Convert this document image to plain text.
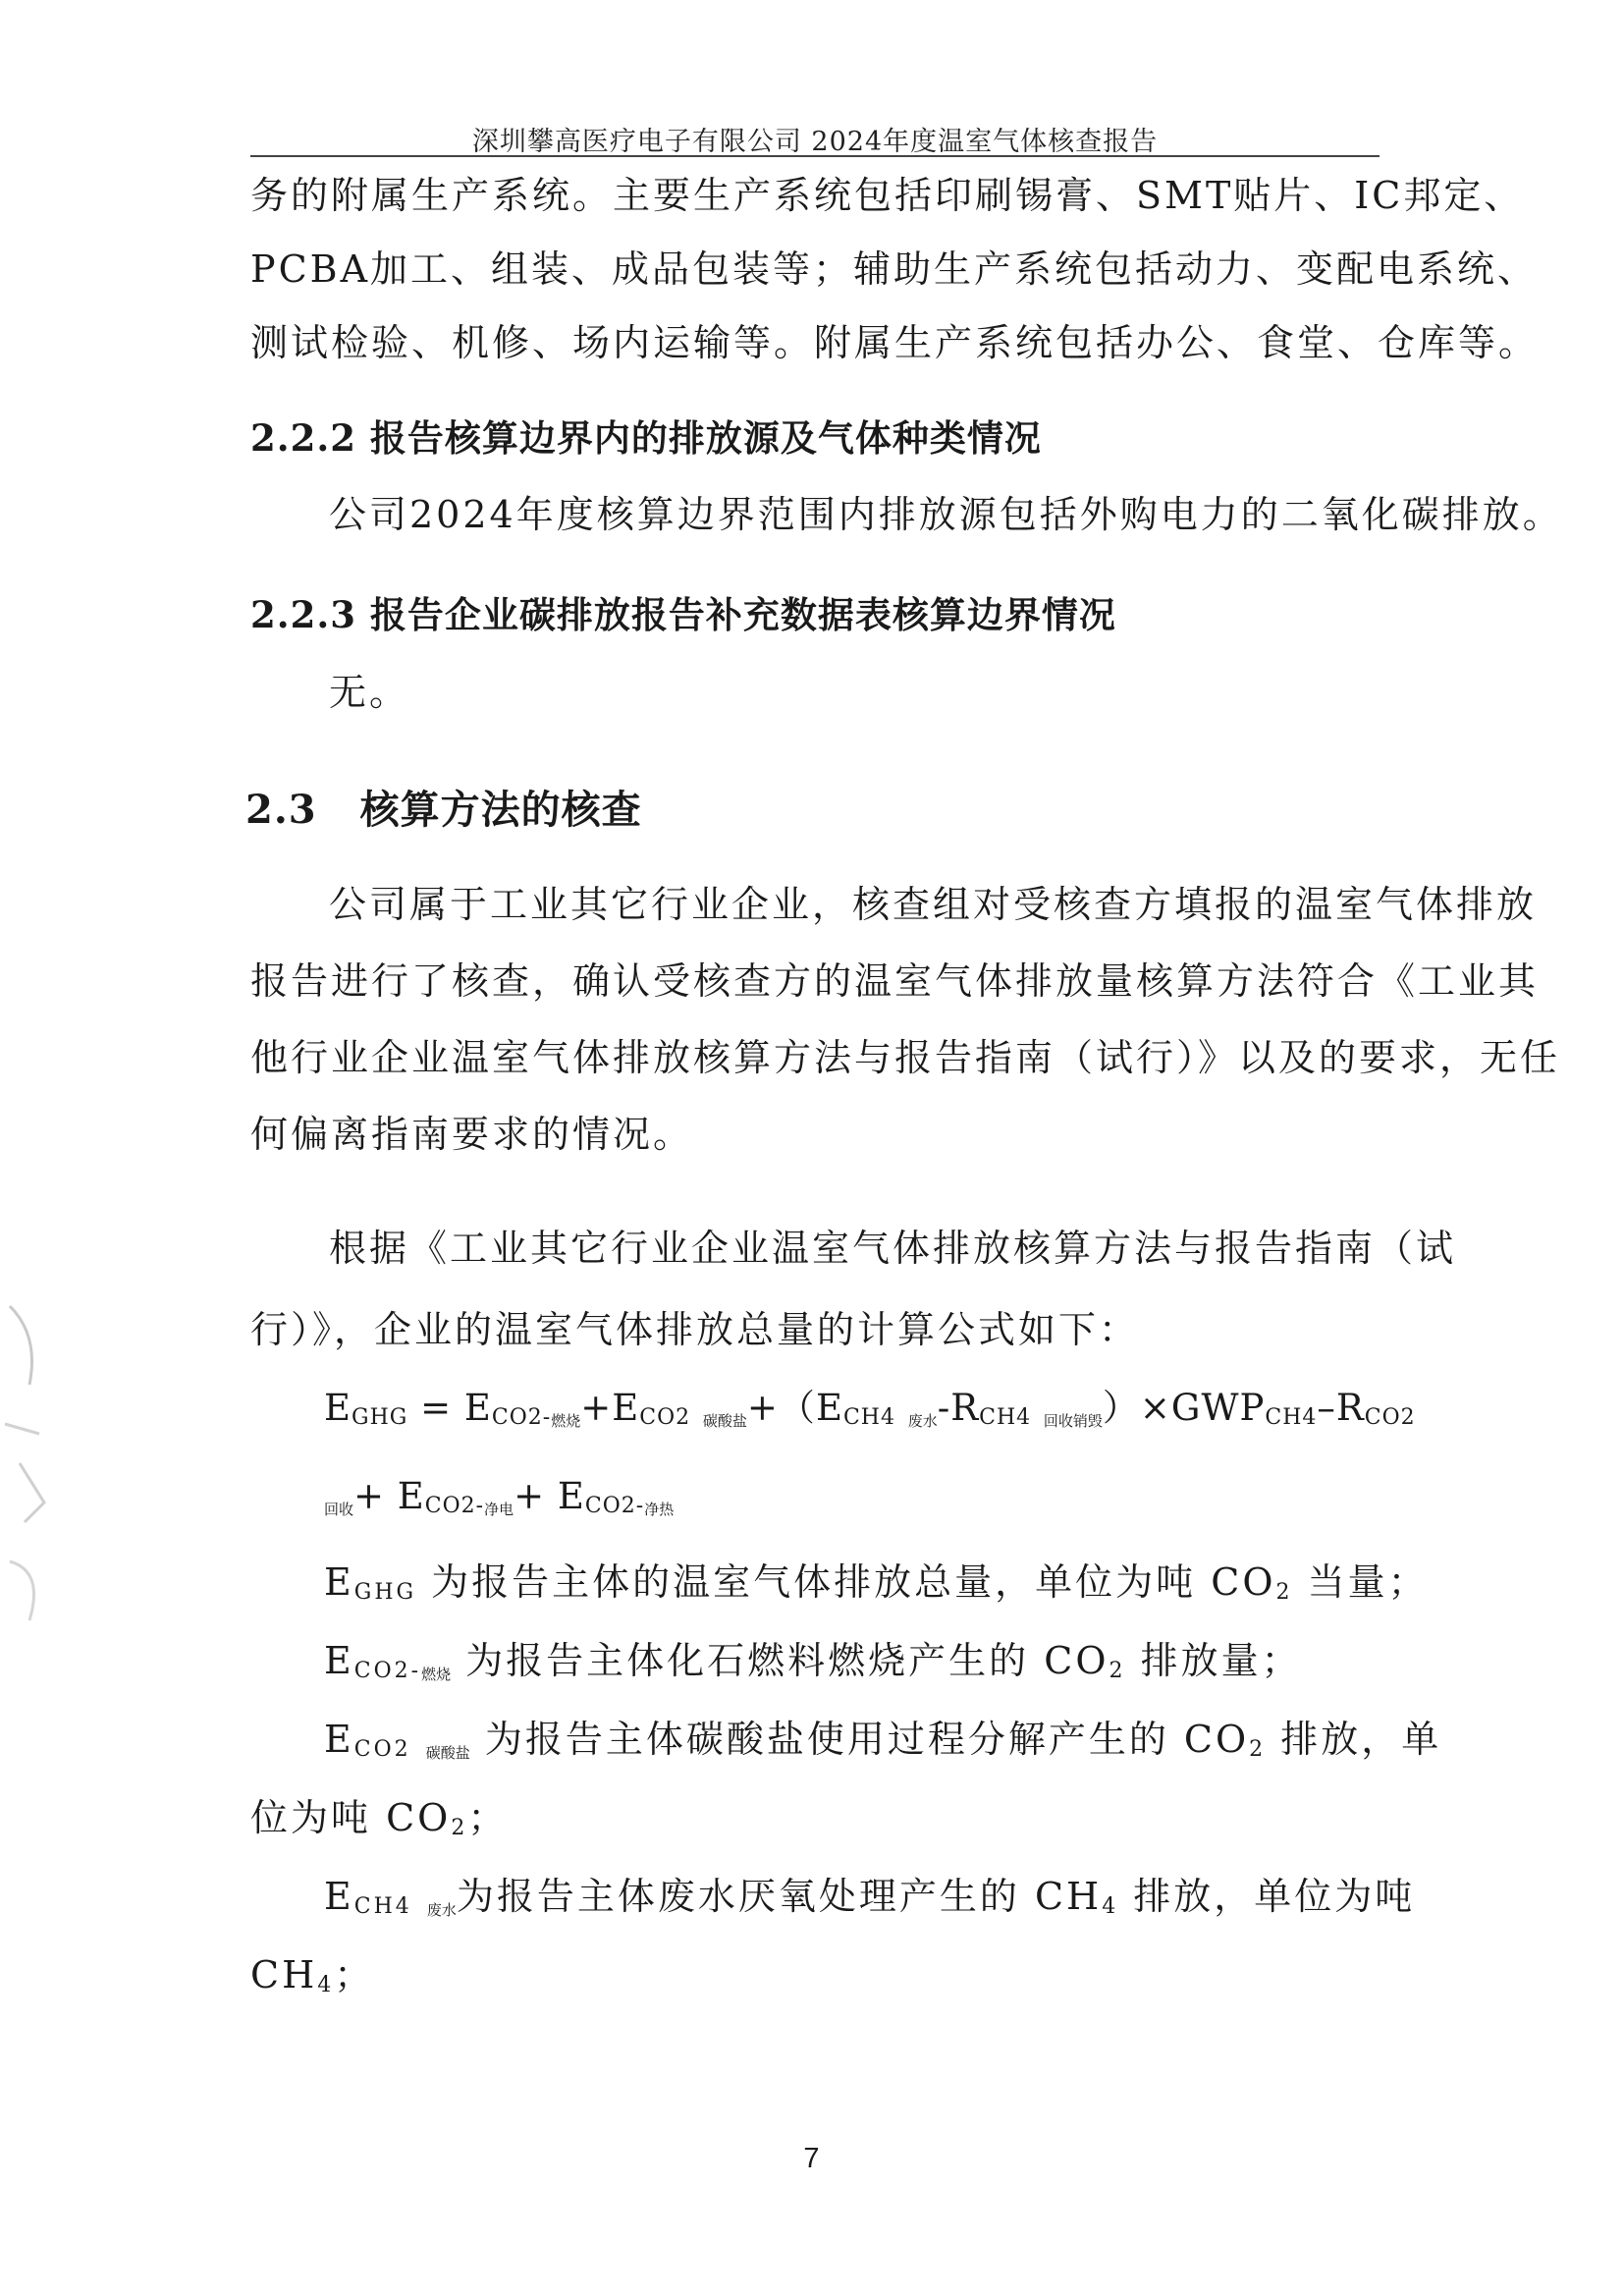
深圳攀高医疗电子有限公司 2024年度温室气体核查报告
务的附属生产系统。主要生产系统包括印刷锡膏、SMT贴片、IC邦定、
PCBA加工、组装、成品包装等；辅助生产系统包括动力、变配电系统、
测试检验、机修、场内运输等。附属生产系统包括办公、食堂、仓库等。
2.2.2 报告核算边界内的排放源及气体种类情况
公司2024年度核算边界范围内排放源包括外购电力的二氧化碳排放。
2.2.3 报告企业碳排放报告补充数据表核算边界情况
无。
2.3 核算方法的核查
公司属于工业其它行业企业，核查组对受核查方填报的温室气体排放
报告进行了核查，确认受核查方的温室气体排放量核算方法符合《工业其
他行业企业温室气体排放核算方法与报告指南（试行）》以及的要求，无任
何偏离指南要求的情况。
根据《工业其它行业企业温室气体排放核算方法与报告指南（试
行）》，企业的温室气体排放总量的计算公式如下：
EGHG = ECO2-燃烧+ECO2 碳酸盐+（ECH4 废水-RCH4 回收销毁）×GWPCH4–RCO2
回收+ ECO2-净电+ ECO2-净热
EGHG 为报告主体的温室气体排放总量，单位为吨 CO2 当量；
ECO2-燃烧 为报告主体化石燃料燃烧产生的 CO2 排放量；
ECO2 碳酸盐 为报告主体碳酸盐使用过程分解产生的 CO2 排放，单
位为吨 CO2；
ECH4 废水为报告主体废水厌氧处理产生的 CH4 排放，单位为吨
CH4；
7
